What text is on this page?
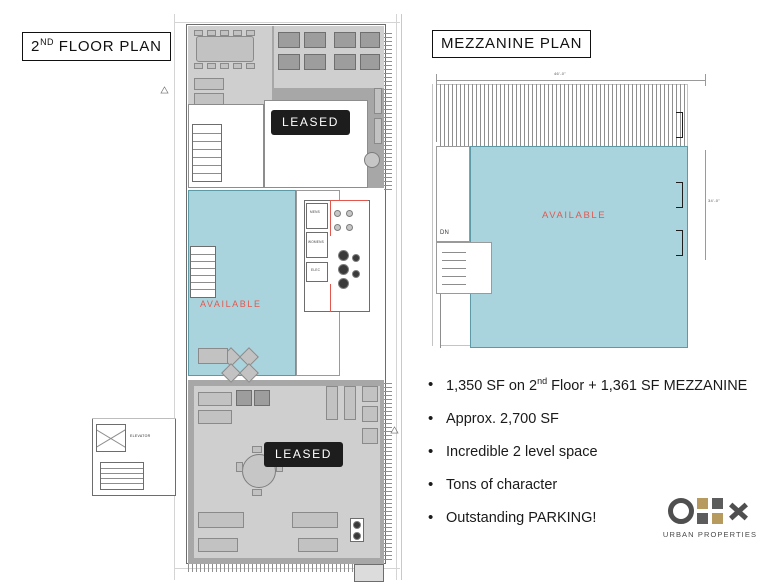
2ND FLOOR PLAN	MEZZANINE PLAN
LEASED
AVAILABLE
MENS
WOMENS
ELEC
LEASED
ELEVATOR
46'-0"
34'-0"
AVAILABLE
DN
• 1,350 SF on 2nd Floor + 1,361 SF MEZZANINE
• Approx. 2,700 SF
• Incredible 2 level space
• Tons of character
• Outstanding PARKING!
URBAN PROPERTIES
